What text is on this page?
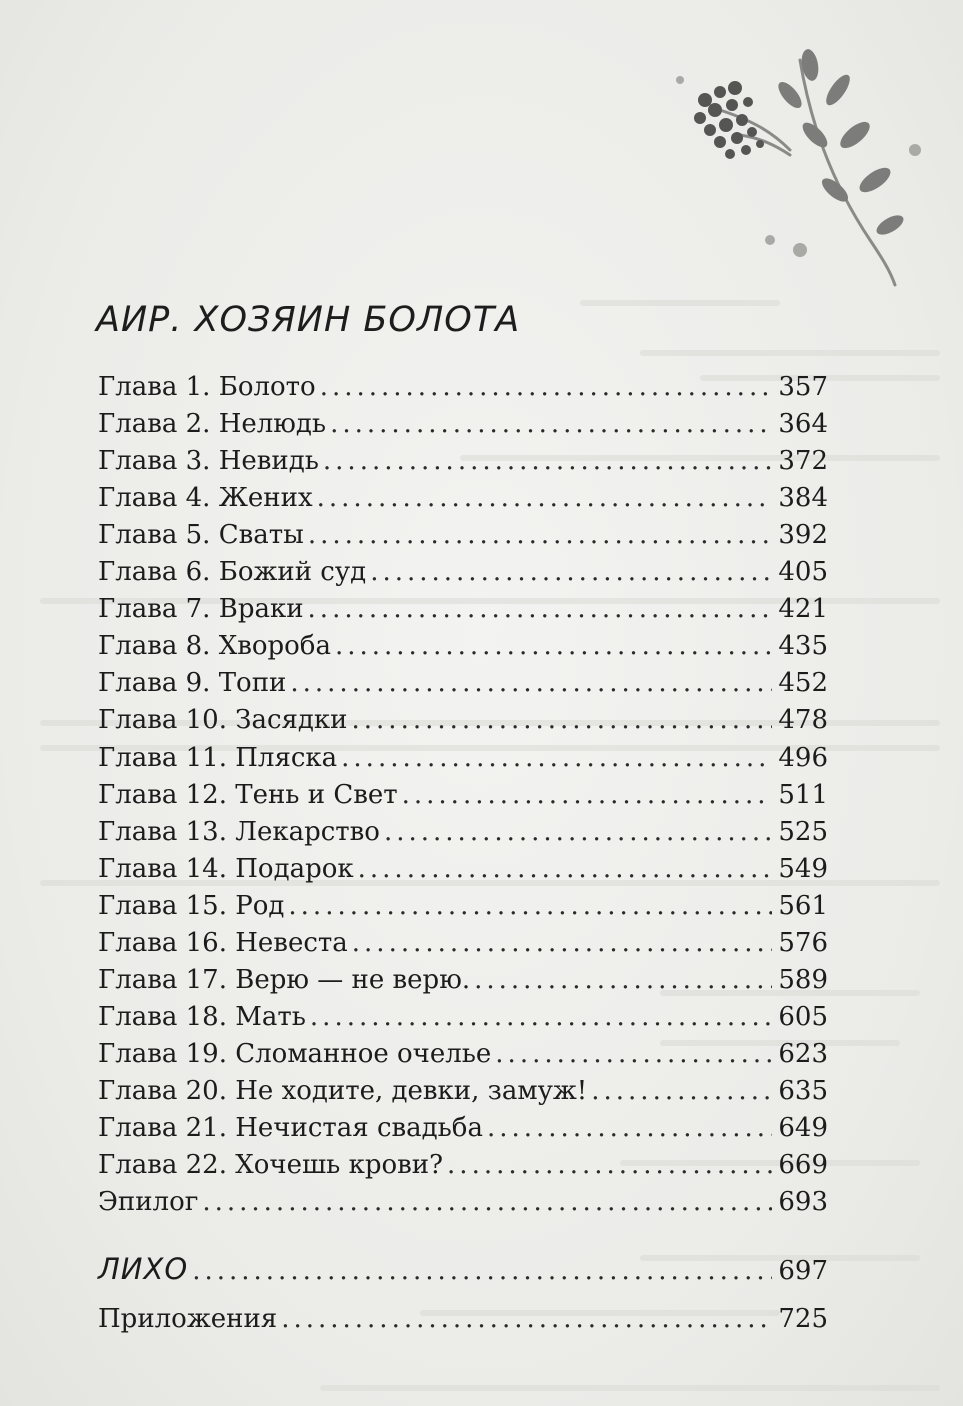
АИР. ХОЗЯИН БОЛОТА
Глава 1. Болото .....	357
Глава 2. Нелюдь .....	364
Глава 3. Невидь .....	372
Глава 4. Жених .....	384
Глава 5. Сваты .....	392
Глава 6. Божий суд .....	405
Глава 7. Враки .....	421
Глава 8. Хвороба .....	435
Глава 9. Топи .....	452
Глава 10. Засядки .....	478
Глава 11. Пляска .....	496
Глава 12. Тень и Свет .....	511
Глава 13. Лекарство .....	525
Глава 14. Подарок .....	549
Глава 15. Род .....	561
Глава 16. Невеста .....	576
Глава 17. Верю — не верю. .....	589
Глава 18. Мать .....	605
Глава 19. Сломанное очелье .....	623
Глава 20. Не ходите, девки, замуж! .....	635
Глава 21. Нечистая свадьба .....	649
Глава 22. Хочешь крови? .....	669
Эпилог .....	693
ЛИХО .....	697
Приложения .....	725
